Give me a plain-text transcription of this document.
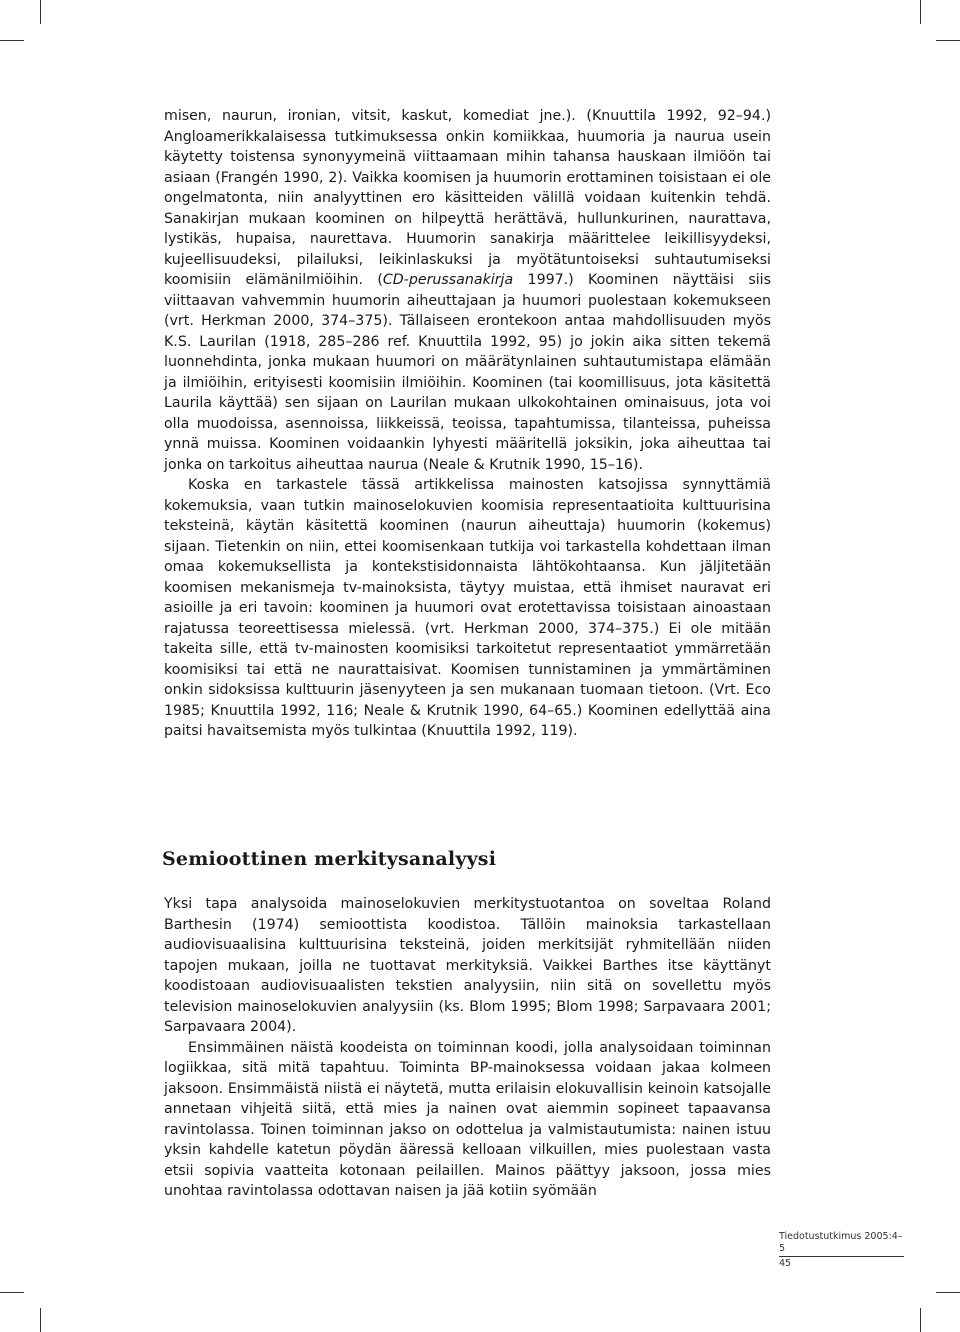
misen, naurun, ironian, vitsit, kaskut, komediat jne.). (Knuuttila 1992, 92–94.) Angloamerikkalaisessa tutkimuksessa onkin komiikkaa, huumoria ja naurua usein käytetty toistensa synonyymeinä viittaamaan mihin tahansa hauskaan ilmiöön tai asiaan (Frangén 1990, 2). Vaikka koomisen ja huumorin erottaminen toisistaan ei ole ongelmatonta, niin analyyttinen ero käsitteiden välillä voidaan kuitenkin tehdä. Sanakirjan mukaan koominen on hilpeyttä herättävä, hullunkurinen, naurattava, lystikäs, hupaisa, naurettava. Huumorin sanakirja määrittelee leikillisyydeksi, kujeellisuudeksi, pilailuksi, leikinlaskuksi ja myötätuntoiseksi suhtautumiseksi koomisiin elämänilmiöihin. (CD-perussanakirja 1997.) Koominen näyttäisi siis viittaavan vahvemmin huumorin aiheuttajaan ja huumori puolestaan kokemukseen (vrt. Herkman 2000, 374–375). Tällaiseen erontekoon antaa mahdollisuuden myös K.S. Laurilan (1918, 285–286 ref. Knuuttila 1992, 95) jo jokin aika sitten tekemä luonnehdinta, jonka mukaan huumori on määrätynlainen suhtautumistapa elämään ja ilmiöihin, erityisesti koomisiin ilmiöihin. Koominen (tai koomillisuus, jota käsitettä Laurila käyttää) sen sijaan on Laurilan mukaan ulkokohtainen ominaisuus, jota voi olla muodoissa, asennoissa, liikkeissä, teoissa, tapahtumissa, tilanteissa, puheissa ynnä muissa. Koominen voidaankin lyhyesti määritellä joksikin, joka aiheuttaa tai jonka on tarkoitus aiheuttaa naurua (Neale & Krutnik 1990, 15–16).

Koska en tarkastele tässä artikkelissa mainosten katsojissa synnyttämiä kokemuksia, vaan tutkin mainoselokuvien koomisia representaatioita kulttuurisina teksteinä, käytän käsitettä koominen (naurun aiheuttaja) huumorin (kokemus) sijaan. Tietenkin on niin, ettei koomisenkaan tutkija voi tarkastella kohdettaan ilman omaa kokemuksellista ja kontekstisidonnaista lähtökohtaansa. Kun jäljitetään koomisen mekanismeja tv-mainoksista, täytyy muistaa, että ihmiset nauravat eri asioille ja eri tavoin: koominen ja huumori ovat erotettavissa toisistaan ainoastaan rajatussa teoreettisessa mielessä. (vrt. Herkman 2000, 374–375.) Ei ole mitään takeita sille, että tv-mainosten koomisiksi tarkoitetut representaatiot ymmärretään koomisiksi tai että ne naurattaisivat. Koomisen tunnistaminen ja ymmärtäminen onkin sidoksissa kulttuurin jäsenyyteen ja sen mukanaan tuomaan tietoon. (Vrt. Eco 1985; Knuuttila 1992, 116; Neale & Krutnik 1990, 64–65.) Koominen edellyttää aina paitsi havaitsemista myös tulkintaa (Knuuttila 1992, 119).

Semioottinen merkitysanalyysi

Yksi tapa analysoida mainoselokuvien merkitystuotantoa on soveltaa Roland Barthesin (1974) semioottista koodistoa. Tällöin mainoksia tarkastellaan audiovisuaalisina kulttuurisina teksteinä, joiden merkitsijät ryhmitellään niiden tapojen mukaan, joilla ne tuottavat merkityksiä. Vaikkei Barthes itse käyttänyt koodistoaan audiovisuaalisten tekstien analyysiin, niin sitä on sovellettu myös television mainoselokuvien analyysiin (ks. Blom 1995; Blom 1998; Sarpavaara 2001; Sarpavaara 2004).

Ensimmäinen näistä koodeista on toiminnan koodi, jolla analysoidaan toiminnan logiikkaa, sitä mitä tapahtuu. Toiminta BP-mainoksessa voidaan jakaa kolmeen jaksoon. Ensimmäistä niistä ei näytetä, mutta erilaisin elokuvallisin keinoin katsojalle annetaan vihjeitä siitä, että mies ja nainen ovat aiemmin sopineet tapaavansa ravintolassa. Toinen toiminnan jakso on odottelua ja valmistautumista: nainen istuu yksin kahdelle katetun pöydän ääressä kelloaan vilkuillen, mies puolestaan vasta etsii sopivia vaatteita kotonaan peilaillen. Mainos päättyy jaksoon, jossa mies unohtaa ravintolassa odottavan naisen ja jää kotiin syömään

Tiedotustutkimus 2005:4–5
45
